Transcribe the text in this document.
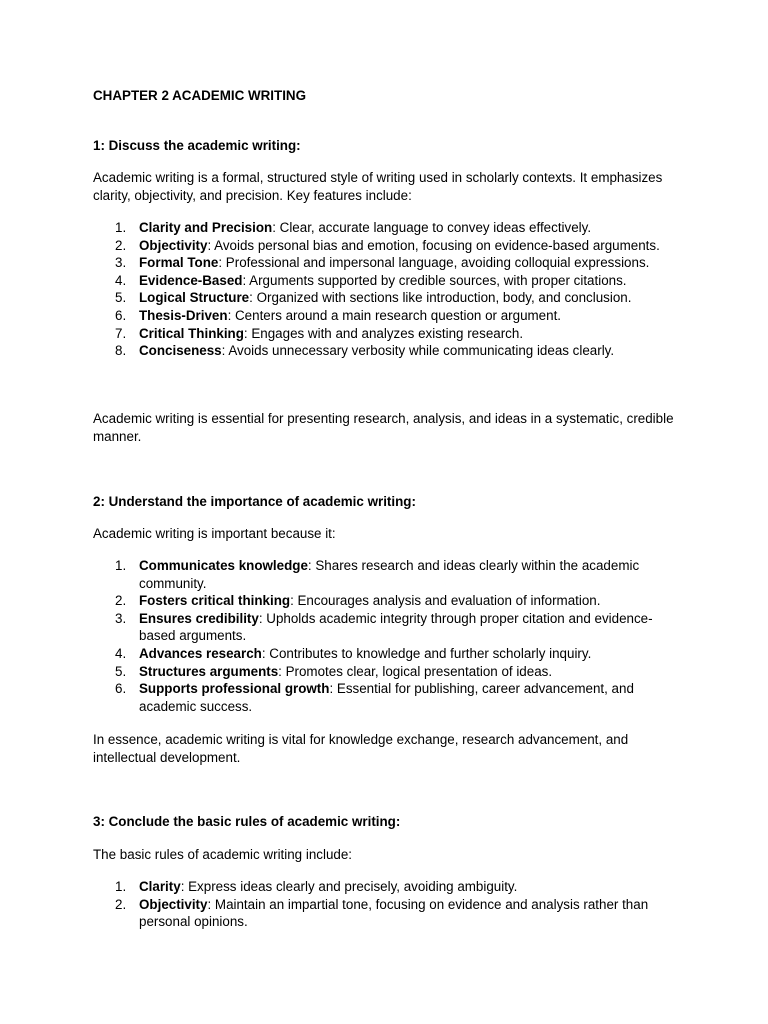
CHAPTER 2 ACADEMIC WRITING

1: Discuss the academic writing:

Academic writing is a formal, structured style of writing used in scholarly contexts. It emphasizes clarity, objectivity, and precision. Key features include:

1. Clarity and Precision: Clear, accurate language to convey ideas effectively.
2. Objectivity: Avoids personal bias and emotion, focusing on evidence-based arguments.
3. Formal Tone: Professional and impersonal language, avoiding colloquial expressions.
4. Evidence-Based: Arguments supported by credible sources, with proper citations.
5. Logical Structure: Organized with sections like introduction, body, and conclusion.
6. Thesis-Driven: Centers around a main research question or argument.
7. Critical Thinking: Engages with and analyzes existing research.
8. Conciseness: Avoids unnecessary verbosity while communicating ideas clearly.

Academic writing is essential for presenting research, analysis, and ideas in a systematic, credible manner.

2: Understand the importance of academic writing:

Academic writing is important because it:

1. Communicates knowledge: Shares research and ideas clearly within the academic community.
2. Fosters critical thinking: Encourages analysis and evaluation of information.
3. Ensures credibility: Upholds academic integrity through proper citation and evidence-based arguments.
4. Advances research: Contributes to knowledge and further scholarly inquiry.
5. Structures arguments: Promotes clear, logical presentation of ideas.
6. Supports professional growth: Essential for publishing, career advancement, and academic success.

In essence, academic writing is vital for knowledge exchange, research advancement, and intellectual development.

3: Conclude the basic rules of academic writing:

The basic rules of academic writing include:

1. Clarity: Express ideas clearly and precisely, avoiding ambiguity.
2. Objectivity: Maintain an impartial tone, focusing on evidence and analysis rather than personal opinions.
